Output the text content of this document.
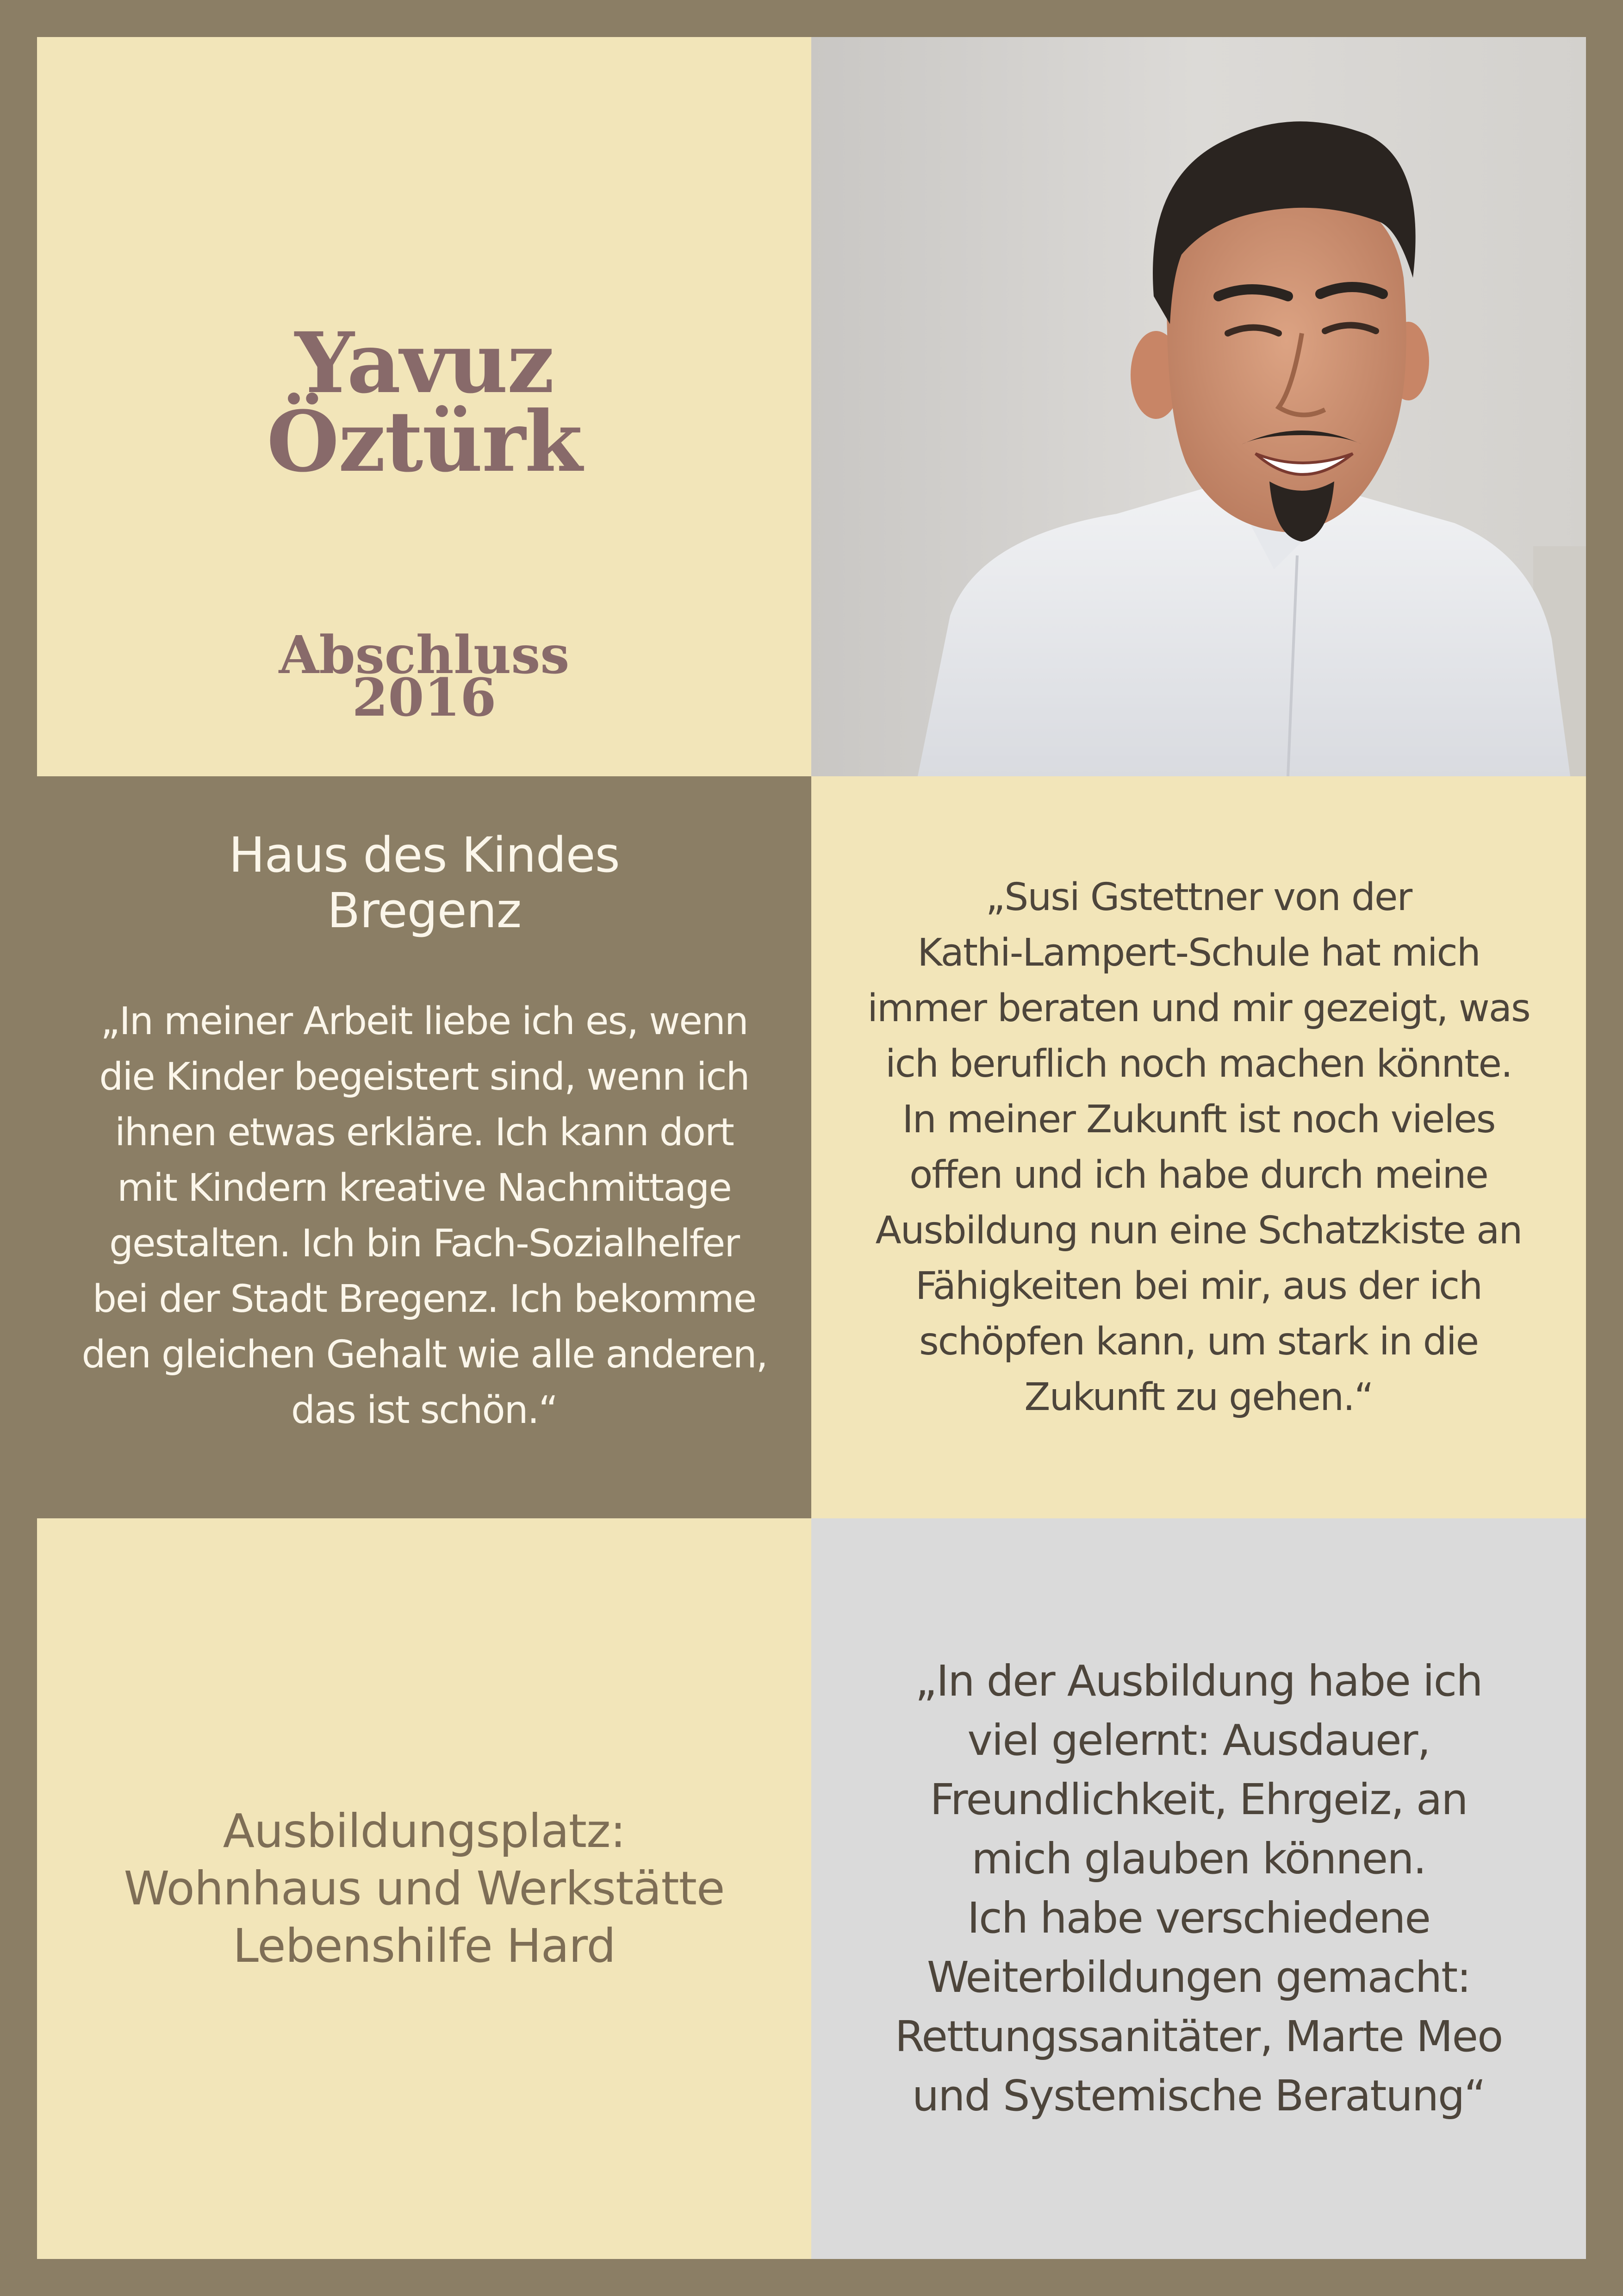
Yavuz
Öztürk
Abschluss
2016
Haus des Kindes
Bregenz
„In meiner Arbeit liebe ich es, wenn
die Kinder begeistert sind, wenn ich
ihnen etwas erkläre. Ich kann dort
mit Kindern kreative Nachmittage
gestalten. Ich bin Fach-Sozialhelfer
bei der Stadt Bregenz. Ich bekomme
den gleichen Gehalt wie alle anderen,
das ist schön.“
„Susi Gstettner von der
Kathi-Lampert-Schule hat mich
immer beraten und mir gezeigt, was
ich beruflich noch machen könnte.
In meiner Zukunft ist noch vieles
offen und ich habe durch meine
Ausbildung nun eine Schatzkiste an
Fähigkeiten bei mir, aus der ich
schöpfen kann, um stark in die
Zukunft zu gehen.“
Ausbildungsplatz:
Wohnhaus und Werkstätte
Lebenshilfe Hard
„In der Ausbildung habe ich
viel gelernt: Ausdauer,
Freundlichkeit, Ehrgeiz, an
mich glauben können.
Ich habe verschiedene
Weiterbildungen gemacht:
Rettungssanitäter, Marte Meo
und Systemische Beratung“
